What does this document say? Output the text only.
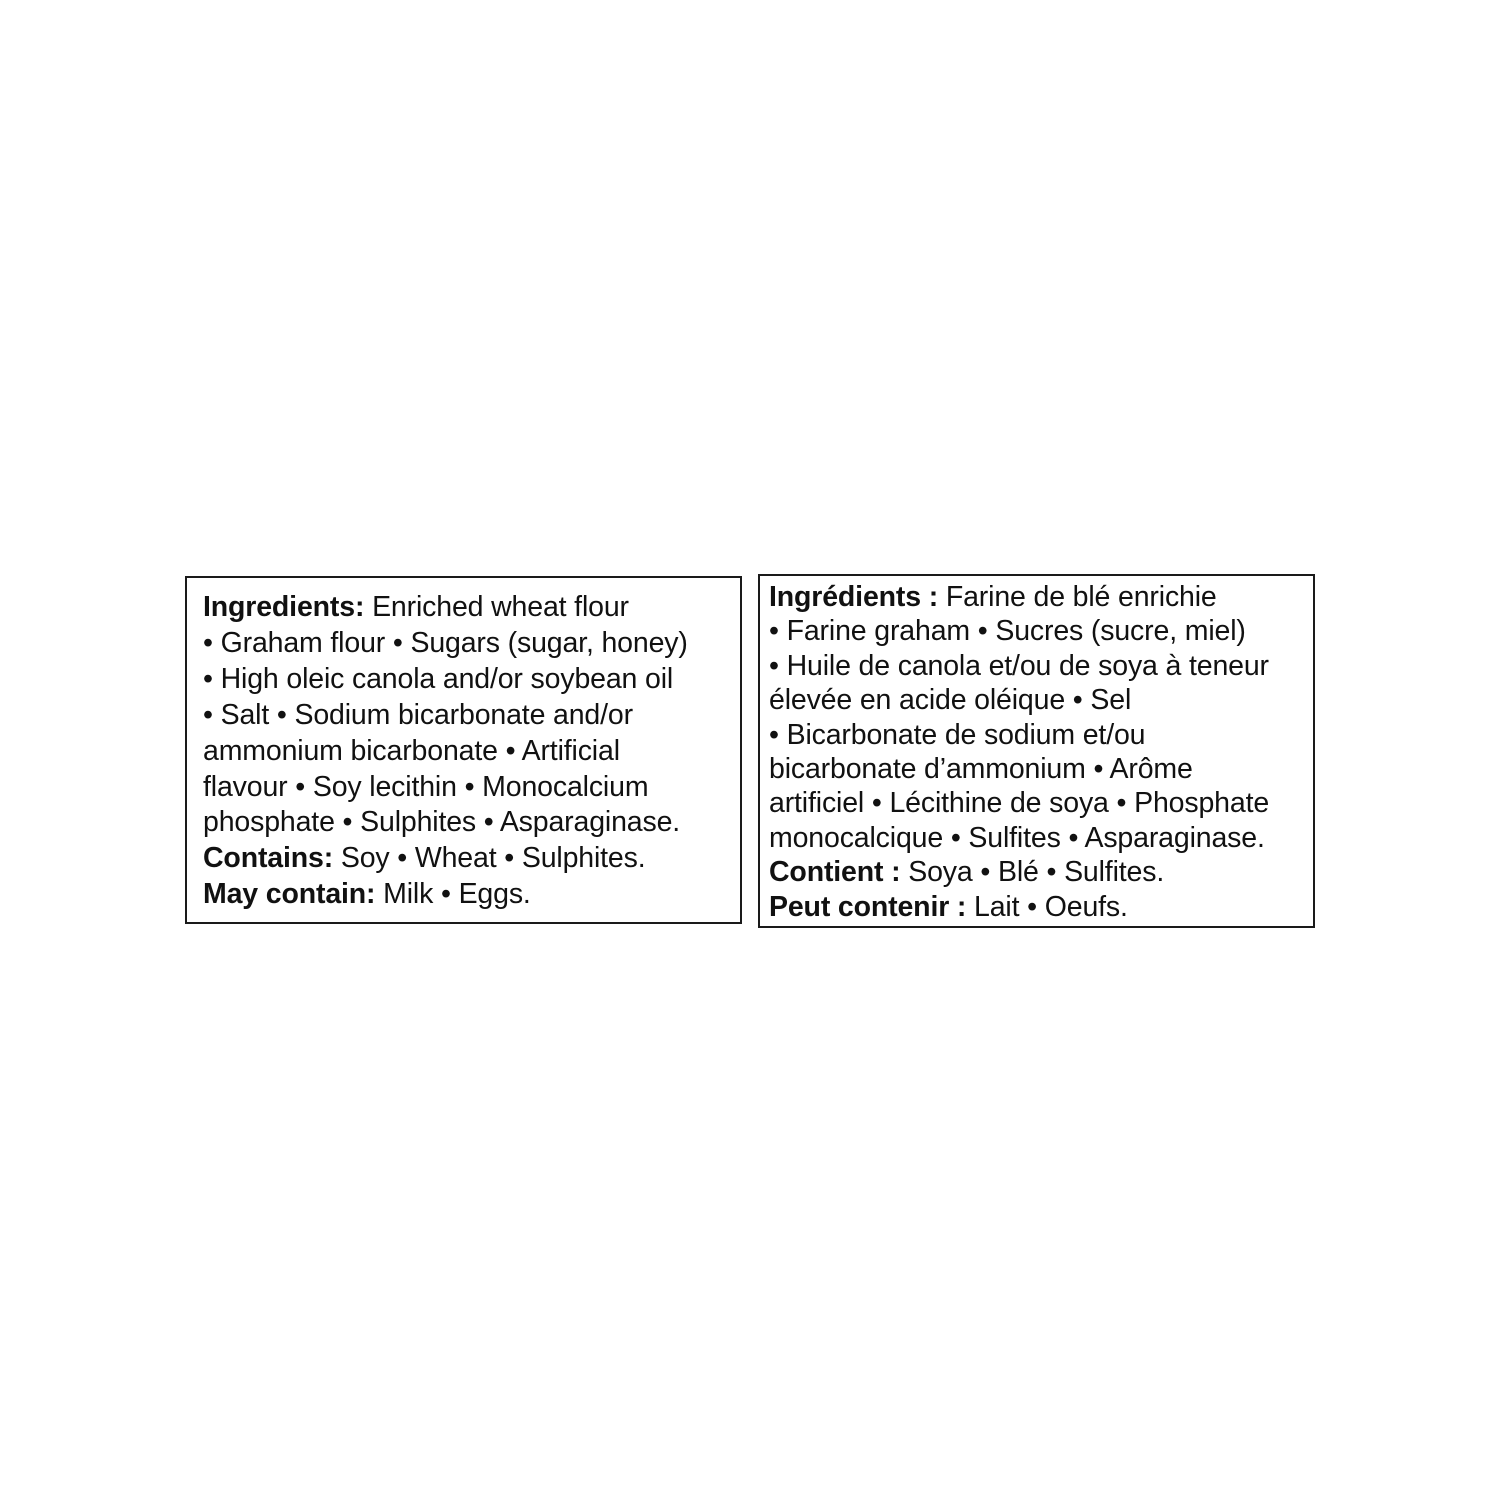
Ingredients: Enriched wheat flour
• Graham flour • Sugars (sugar, honey)
• High oleic canola and/or soybean oil
• Salt • Sodium bicarbonate and/or
ammonium bicarbonate • Artificial
flavour • Soy lecithin • Monocalcium
phosphate • Sulphites • Asparaginase.
Contains: Soy • Wheat • Sulphites.
May contain: Milk • Eggs.
Ingrédients : Farine de blé enrichie
• Farine graham • Sucres (sucre, miel)
• Huile de canola et/ou de soya à teneur
élevée en acide oléique • Sel
• Bicarbonate de sodium et/ou
bicarbonate d’ammonium • Arôme
artificiel • Lécithine de soya • Phosphate
monocalcique • Sulfites • Asparaginase.
Contient : Soya • Blé • Sulfites.
Peut contenir : Lait • Oeufs.
